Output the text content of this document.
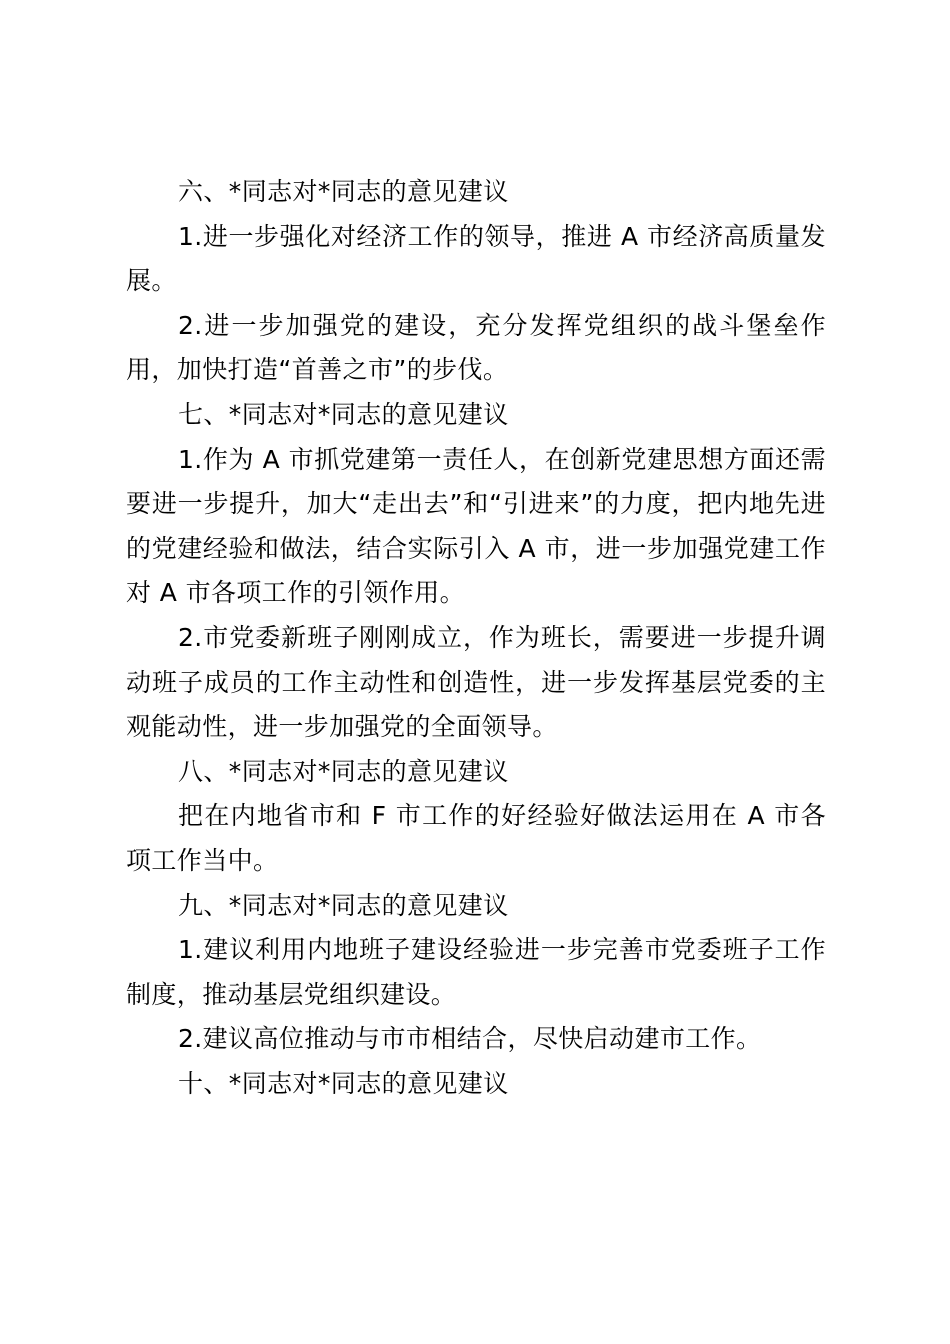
六、*同志对*同志的意见建议

1.进一步强化对经济工作的领导，推进 A 市经济高质量发展。

2.进一步加强党的建设，充分发挥党组织的战斗堡垒作用，加快打造“首善之市”的步伐。

七、*同志对*同志的意见建议

1.作为 A 市抓党建第一责任人，在创新党建思想方面还需要进一步提升，加大“走出去”和“引进来”的力度，把内地先进的党建经验和做法，结合实际引入 A 市，进一步加强党建工作对 A 市各项工作的引领作用。

2.市党委新班子刚刚成立，作为班长，需要进一步提升调动班子成员的工作主动性和创造性，进一步发挥基层党委的主观能动性，进一步加强党的全面领导。

八、*同志对*同志的意见建议

把在内地省市和 F 市工作的好经验好做法运用在 A 市各项工作当中。

九、*同志对*同志的意见建议

1.建议利用内地班子建设经验进一步完善市党委班子工作制度，推动基层党组织建设。

2.建议高位推动与市市相结合，尽快启动建市工作。

十、*同志对*同志的意见建议
